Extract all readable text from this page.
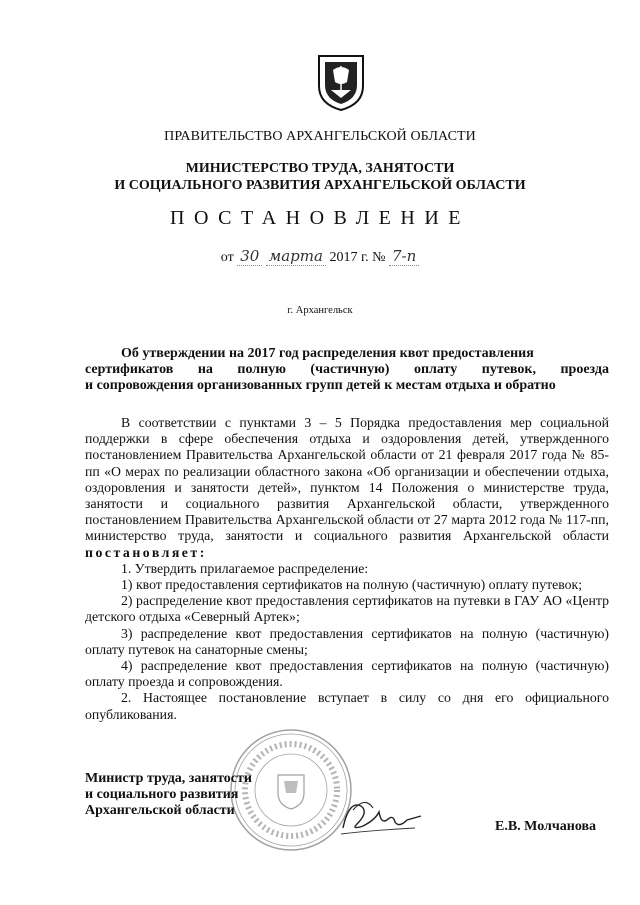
ПРАВИТЕЛЬСТВО АРХАНГЕЛЬСКОЙ ОБЛАСТИ
МИНИСТЕРСТВО ТРУДА, ЗАНЯТОСТИ
И СОЦИАЛЬНОГО РАЗВИТИЯ АРХАНГЕЛЬСКОЙ ОБЛАСТИ
ПОСТАНОВЛЕНИЕ
от 30 марта 2017 г. № 7-п
г. Архангельск
Об утверждении на 2017 год распределения квот предоставления
сертификатов на полную (частичную) оплату путевок, проезда
и сопровождения организованных групп детей к местам отдыха и обратно

В соответствии с пунктами 3 – 5 Порядка предоставления мер социальной поддержки в сфере обеспечения отдыха и оздоровления детей, утвержденного постановлением Правительства Архангельской области от 21 февраля 2017 года № 85-пп «О мерах по реализации областного закона «Об организации и обеспечении отдыха, оздоровления и занятости детей», пунктом 14 Положения о министерстве труда, занятости и социального развития Архангельской области, утвержденного постановлением Правительства Архангельской области от 27 марта 2012 года № 117-пп, министерство труда, занятости и социального развития Архангельской области постановляет:

1. Утвердить прилагаемое распределение:

1) квот предоставления сертификатов на полную (частичную) оплату путевок;

2) распределение квот предоставления сертификатов на путевки в ГАУ АО «Центр детского отдыха «Северный Артек»;

3) распределение квот предоставления сертификатов на полную (частичную) оплату путевок на санаторные смены;

4) распределение квот предоставления сертификатов на полную (частичную) оплату проезда и сопровождения.

2. Настоящее постановление вступает в силу со дня его официального опубликования.

Министр труда, занятости
и социального развития
Архангельской области
Е.В. Молчанова
